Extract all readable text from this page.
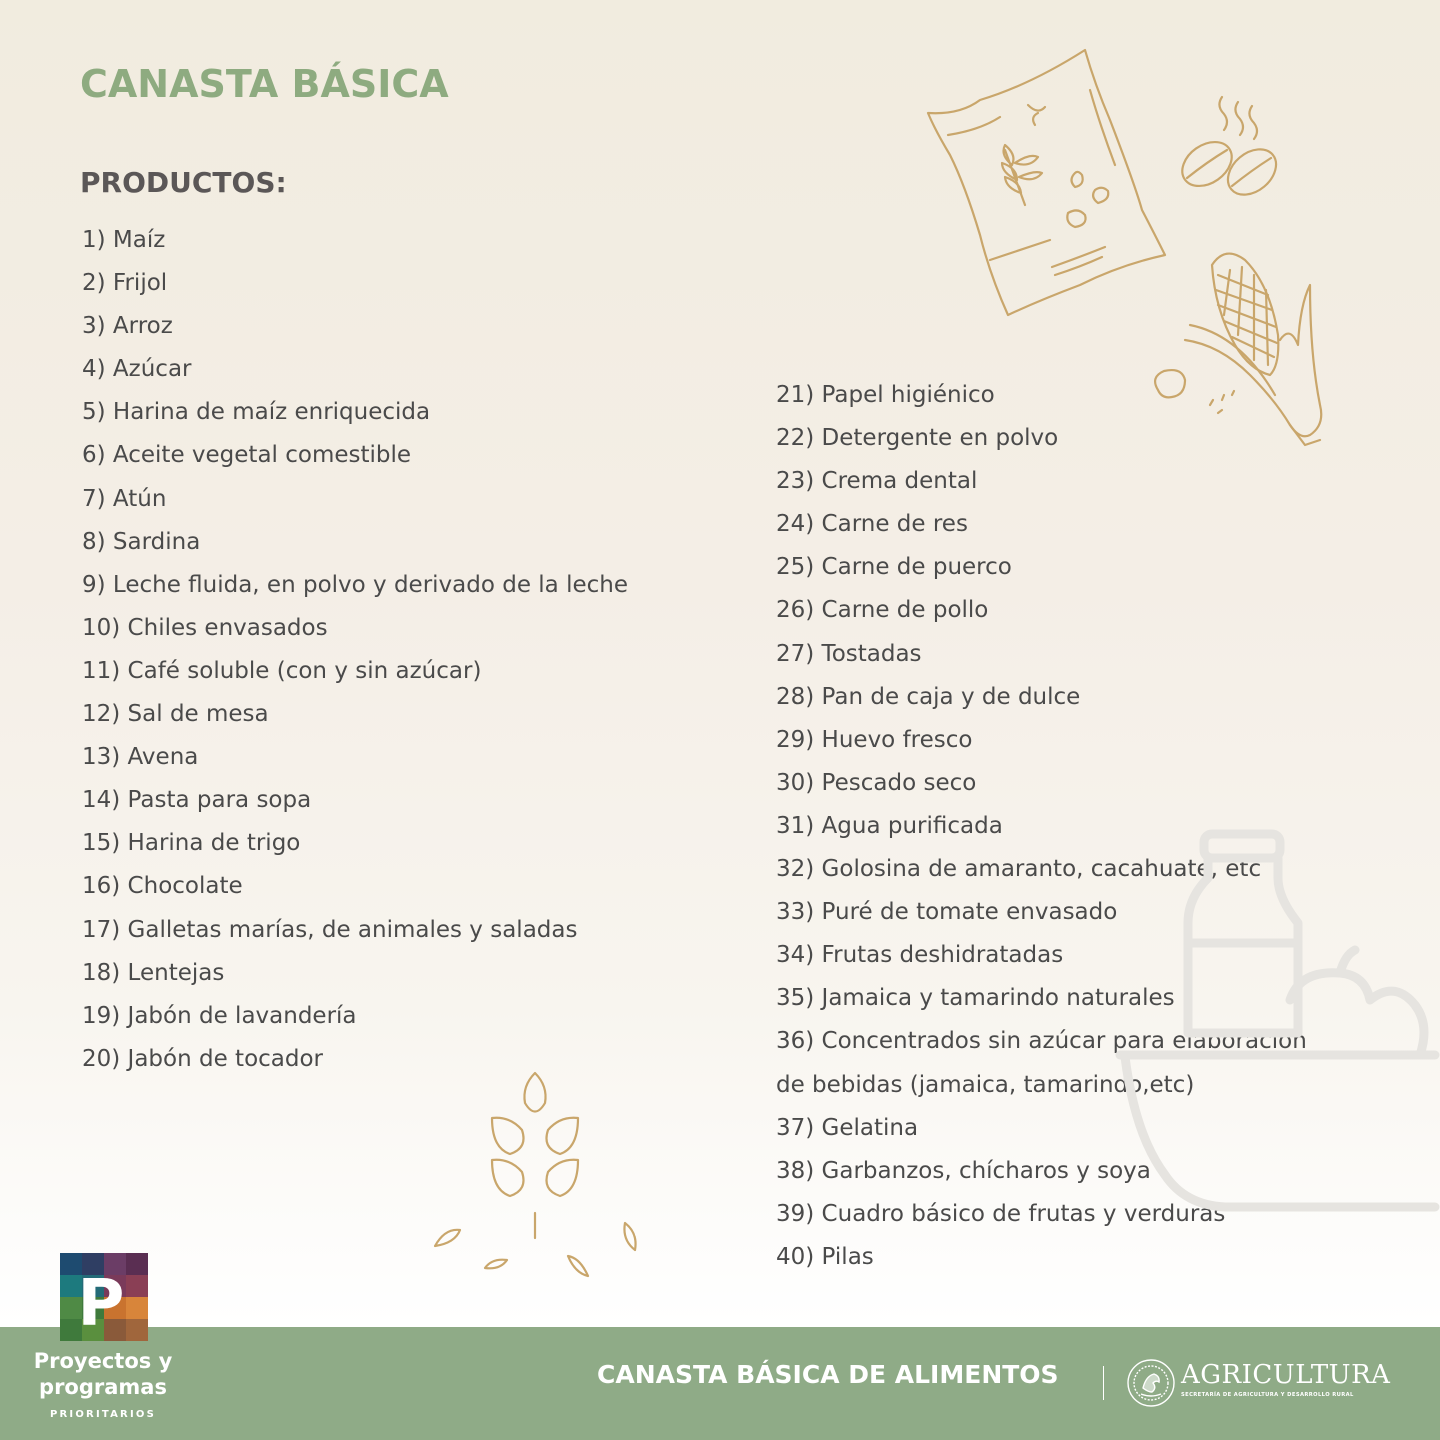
CANASTA BÁSICA
PRODUCTOS:
1) Maíz
2) Frijol
3) Arroz
4) Azúcar
5) Harina de maíz enriquecida
6) Aceite vegetal comestible
7) Atún
8) Sardina
9) Leche fluida, en polvo y derivado de la leche
10) Chiles envasados
11) Café soluble (con y sin azúcar)
12) Sal de mesa
13) Avena
14) Pasta para sopa
15) Harina de trigo
16) Chocolate
17) Galletas marías, de animales y saladas
18) Lentejas
19) Jabón de lavandería
20) Jabón de tocador
21) Papel higiénico
22) Detergente en polvo
23) Crema dental
24) Carne de res
25) Carne de puerco
26) Carne de pollo
27) Tostadas
28) Pan de caja y de dulce
29) Huevo fresco
30) Pescado seco
31) Agua purificada
32) Golosina de amaranto, cacahuate, etc
33) Puré de tomate envasado
34) Frutas deshidratadas
35) Jamaica y tamarindo naturales
36) Concentrados sin azúcar para elaboración
de bebidas (jamaica, tamarindo,etc)
37) Gelatina
38) Garbanzos, chícharos y soya
39) Cuadro básico de frutas y verduras
40) Pilas
CANASTA BÁSICA DE ALIMENTOS	AGRICULTURA
SECRETARÍA DE AGRICULTURA Y DESARROLLO RURAL
P
Proyectos y programas
PRIORITARIOS
